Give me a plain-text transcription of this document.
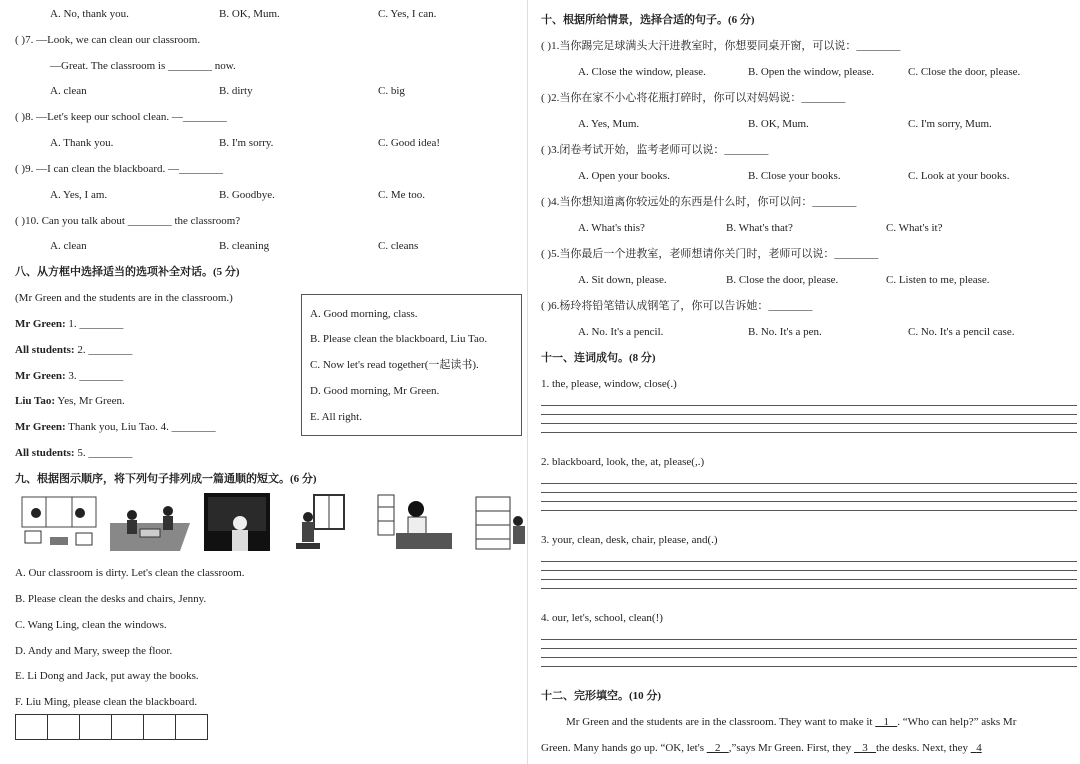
A. No, thank you.	B. OK, Mum.	C. Yes, I can.
( )7. —Look, we can clean our classroom.
—Great. The classroom is ________ now.
A. clean	B. dirty	C. big
( )8. —Let's keep our school clean. —________
A. Thank you.	B. I'm sorry.	C. Good idea!
( )9. —I can clean the blackboard. —________
A. Yes, I am.	B. Goodbye.	C. Me too.
( )10. Can you talk about ________ the classroom?
A. clean	B. cleaning	C. cleans
八、从方框中选择适当的选项补全对话。(5 分)
(Mr Green and the students are in the classroom.)
Mr Green: 1. ________
All students: 2. ________
Mr Green: 3. ________
Liu Tao: Yes, Mr Green.
Mr Green: Thank you, Liu Tao. 4. ________
All students: 5. ________
A. Good morning, class.
B. Please clean the blackboard, Liu Tao.
C. Now let's read together(一起读书).
D. Good morning, Mr Green.
E. All right.
九、根据图示顺序，将下列句子排列成一篇通顺的短文。(6 分)
A. Our classroom is dirty. Let's clean the classroom.
B. Please clean the desks and chairs, Jenny.
C. Wang Ling, clean the windows.
D. Andy and Mary, sweep the floor.
E. Li Dong and Jack, put away the books.
F. Liu Ming, please clean the blackboard.
十、根据所给情景，选择合适的句子。(6 分)
( )1.当你踢完足球满头大汗进教室时，你想要同桌开窗，可以说：________
A. Close the window, please.	B. Open the window, please.	C. Close the door, please.
( )2.当你在家不小心将花瓶打碎时，你可以对妈妈说：________
A. Yes, Mum.	B. OK, Mum.	C. I'm sorry, Mum.
( )3.闭卷考试开始，监考老师可以说：________
A. Open your books.	B. Close your books.	C. Look at your books.
( )4.当你想知道离你较远处的东西是什么时，你可以问：________
A. What's this?	B. What's that?	C. What's it?
( )5.当你最后一个进教室，老师想请你关门时，老师可以说：________
A. Sit down, please.	B. Close the door, please.	C. Listen to me, please.
( )6.杨玲将铅笔错认成钢笔了，你可以告诉她：________
A. No. It's a pencil.	B. No. It's a pen.	C. No. It's a pencil case.
十一、连词成句。(8 分)
1. the, please, window, close(.)
2. blackboard, look, the, at, please(,.)
3. your, clean, desk, chair, please, and(.)
4. our, let's, school, clean(!)
十二、完形填空。(10 分)
Mr Green and the students are in the classroom. They want to make it 1 . “Who can help?” asks Mr
Green. Many hands go up. “OK, let's 2 ,”says Mr Green. First, they 3 the desks. Next, they 4
